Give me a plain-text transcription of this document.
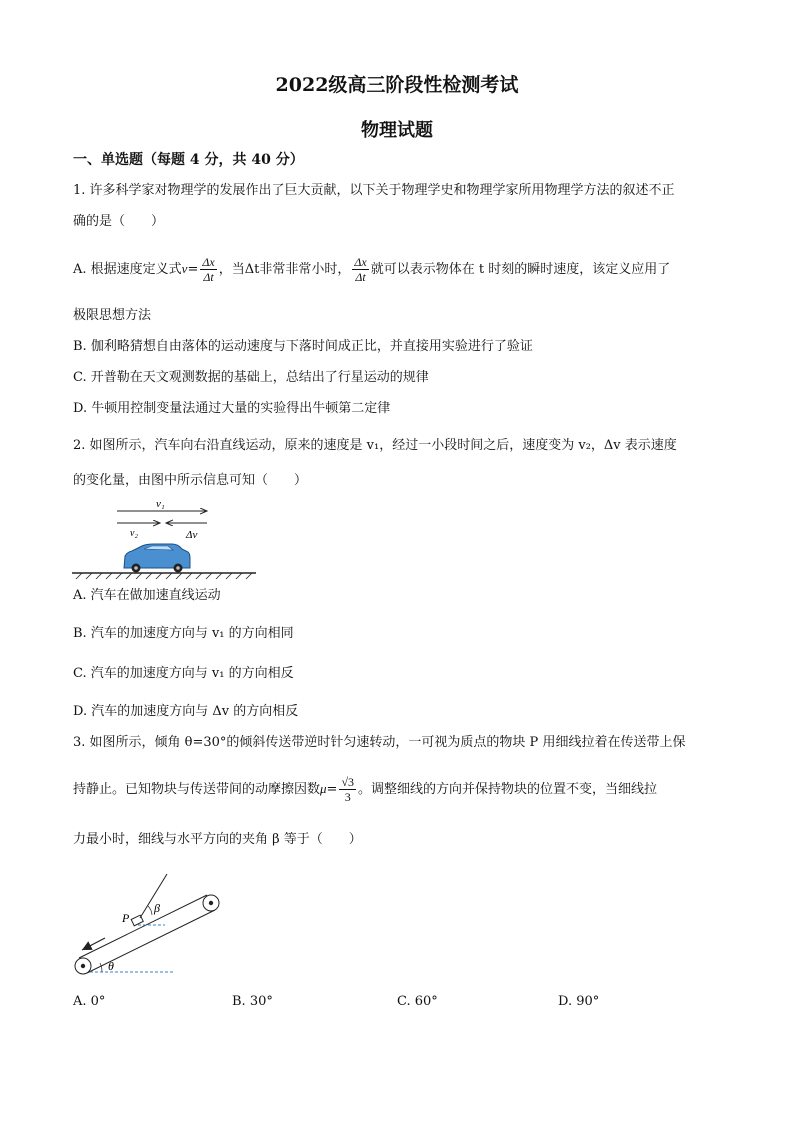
2022级高三阶段性检测考试
物理试题
一、单选题（每题 4 分，共 40 分）
1. 许多科学家对物理学的发展作出了巨大贡献，以下关于物理学史和物理学家所用物理学方法的叙述不正
确的是（　　）
A. 根据速度定义式$v= \frac{\Delta x}{\Delta t}$ ，当Δt非常非常小时， $\frac{\Delta x}{\Delta t}$ 就可以表示物体在 t 时刻的瞬时速度，该定义应用了
极限思想方法
B. 伽利略猜想自由落体的运动速度与下落时间成正比，并直接用实验进行了验证
C. 开普勒在天文观测数据的基础上，总结出了行星运动的规律
D. 牛顿用控制变量法通过大量的实验得出牛顿第二定律
2. 如图所示，汽车向右沿直线运动，原来的速度是 v₁，经过一小段时间之后，速度变为 v₂，Δv 表示速度
的变化量，由图中所示信息可知（　　）
v₁
v₂	Δv
A. 汽车在做加速直线运动
B. 汽车的加速度方向与 v₁ 的方向相同
C. 汽车的加速度方向与 v₁ 的方向相反
D. 汽车的加速度方向与 Δv 的方向相反
3. 如图所示，倾角 θ=30°的倾斜传送带逆时针匀速转动，一可视为质点的物块 P 用细线拉着在传送带上保
持静止。已知物块与传送带间的动摩擦因数$\mu= \frac{√3}{3}$ 。调整细线的方向并保持物块的位置不变，当细线拉
力最小时，细线与水平方向的夹角 β 等于（　　）
P
β
θ
A. 0°	B. 30°	C. 60°	D. 90°
